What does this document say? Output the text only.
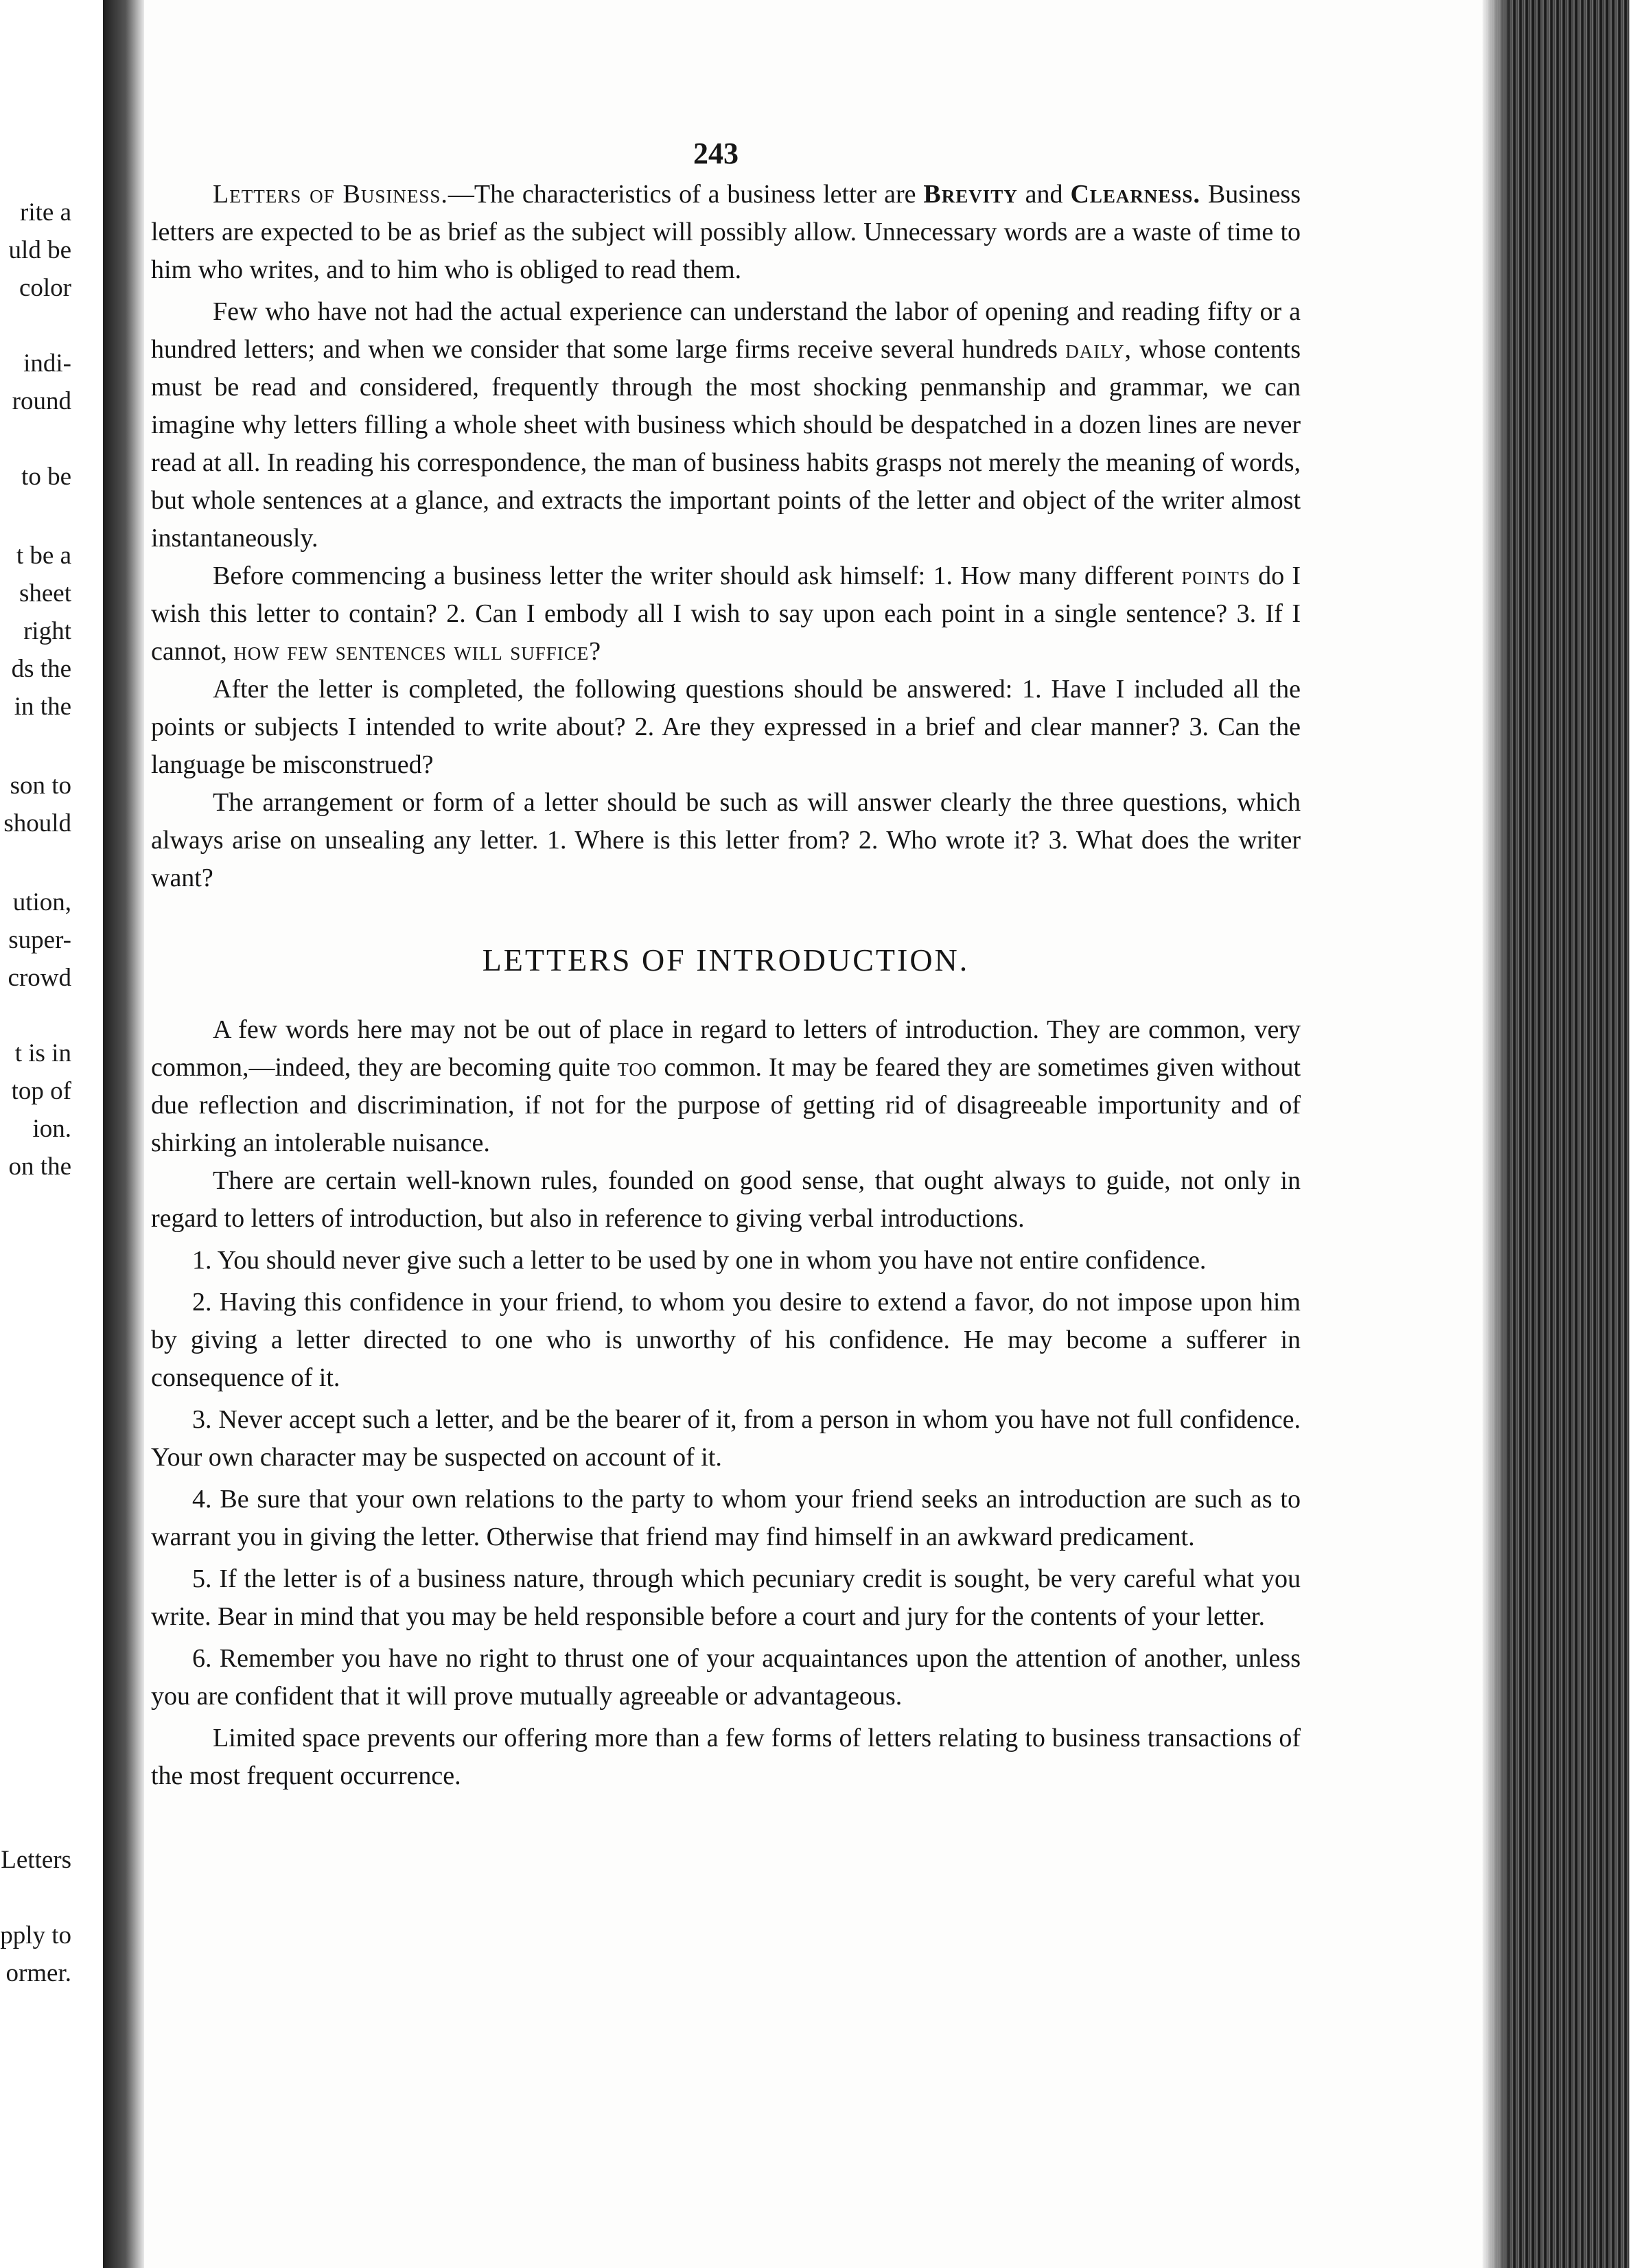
rite a
uld be
color
indi-
round
to be
t be a
sheet
right
ds the
in the
son to
should
ution,
super-
crowd
t is in
top of
ion.
on the
Letters
pply to
ormer.
243

Letters of Business.—The characteristics of a business letter are Brevity and Clearness. Business letters are expected to be as brief as the subject will possibly allow. Unnecessary words are a waste of time to him who writes, and to him who is obliged to read them.

Few who have not had the actual experience can understand the labor of opening and reading fifty or a hundred letters; and when we consider that some large firms receive several hundreds daily, whose contents must be read and considered, frequently through the most shocking penmanship and grammar, we can imagine why letters filling a whole sheet with business which should be despatched in a dozen lines are never read at all. In reading his correspondence, the man of business habits grasps not merely the meaning of words, but whole sentences at a glance, and extracts the important points of the letter and object of the writer almost instantaneously.

Before commencing a business letter the writer should ask himself: 1. How many different points do I wish this letter to contain? 2. Can I embody all I wish to say upon each point in a single sentence? 3. If I cannot, how few sentences will suffice?

After the letter is completed, the following questions should be answered: 1. Have I included all the points or subjects I intended to write about? 2. Are they expressed in a brief and clear manner? 3. Can the language be misconstrued?

The arrangement or form of a letter should be such as will answer clearly the three questions, which always arise on unsealing any letter. 1. Where is this letter from? 2. Who wrote it? 3. What does the writer want?

LETTERS OF INTRODUCTION.

A few words here may not be out of place in regard to letters of introduction. They are common, very common,—indeed, they are becoming quite too common. It may be feared they are sometimes given without due reflection and discrimination, if not for the purpose of getting rid of disagreeable importunity and of shirking an intolerable nuisance.

There are certain well-known rules, founded on good sense, that ought always to guide, not only in regard to letters of introduction, but also in reference to giving verbal introductions.

1. You should never give such a letter to be used by one in whom you have not entire confidence.

2. Having this confidence in your friend, to whom you desire to extend a favor, do not impose upon him by giving a letter directed to one who is unworthy of his confidence. He may become a sufferer in consequence of it.

3. Never accept such a letter, and be the bearer of it, from a person in whom you have not full confidence. Your own character may be suspected on account of it.

4. Be sure that your own relations to the party to whom your friend seeks an introduction are such as to warrant you in giving the letter. Otherwise that friend may find himself in an awkward predicament.

5. If the letter is of a business nature, through which pecuniary credit is sought, be very careful what you write. Bear in mind that you may be held responsible before a court and jury for the contents of your letter.

6. Remember you have no right to thrust one of your acquaintances upon the attention of another, unless you are confident that it will prove mutually agreeable or advantageous.

Limited space prevents our offering more than a few forms of letters relating to business transactions of the most frequent occurrence.
